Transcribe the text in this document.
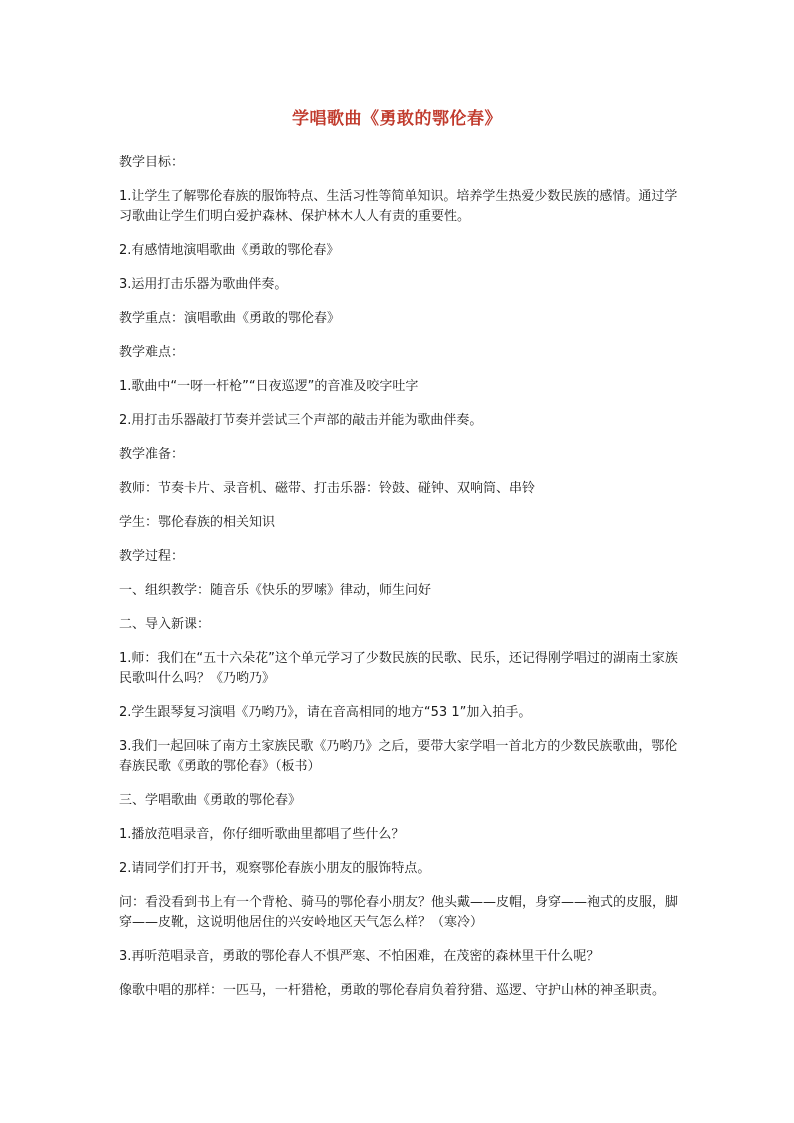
学唱歌曲《勇敢的鄂伦春》

教学目标：

1.让学生了解鄂伦春族的服饰特点、生活习性等简单知识。培养学生热爱少数民族的感情。通过学习歌曲让学生们明白爱护森林、保护林木人人有责的重要性。

2.有感情地演唱歌曲《勇敢的鄂伦春》

3.运用打击乐器为歌曲伴奏。

教学重点：演唱歌曲《勇敢的鄂伦春》

教学难点：

1.歌曲中“一呀一杆枪”“日夜巡逻”的音准及咬字吐字

2.用打击乐器敲打节奏并尝试三个声部的敲击并能为歌曲伴奏。

教学准备：

教师：节奏卡片、录音机、磁带、打击乐器：铃鼓、碰钟、双响筒、串铃

学生：鄂伦春族的相关知识

教学过程：

一、组织教学：随音乐《快乐的罗嗦》律动，师生问好

二、导入新课：

1.师：我们在“五十六朵花”这个单元学习了少数民族的民歌、民乐，还记得刚学唱过的湖南土家族民歌叫什么吗？《乃哟乃》

2.学生跟琴复习演唱《乃哟乃》，请在音高相同的地方“53 1”加入拍手。

3.我们一起回味了南方土家族民歌《乃哟乃》之后，要带大家学唱一首北方的少数民族歌曲，鄂伦春族民歌《勇敢的鄂伦春》（板书）

三、学唱歌曲《勇敢的鄂伦春》

1.播放范唱录音，你仔细听歌曲里都唱了些什么？

2.请同学们打开书，观察鄂伦春族小朋友的服饰特点。

问：看没看到书上有一个背枪、骑马的鄂伦春小朋友？他头戴——皮帽，身穿——袍式的皮服，脚穿——皮靴，这说明他居住的兴安岭地区天气怎么样？（寒冷）

3.再听范唱录音，勇敢的鄂伦春人不惧严寒、不怕困难，在茂密的森林里干什么呢？

像歌中唱的那样：一匹马，一杆猎枪，勇敢的鄂伦春肩负着狩猎、巡逻、守护山林的神圣职责。
